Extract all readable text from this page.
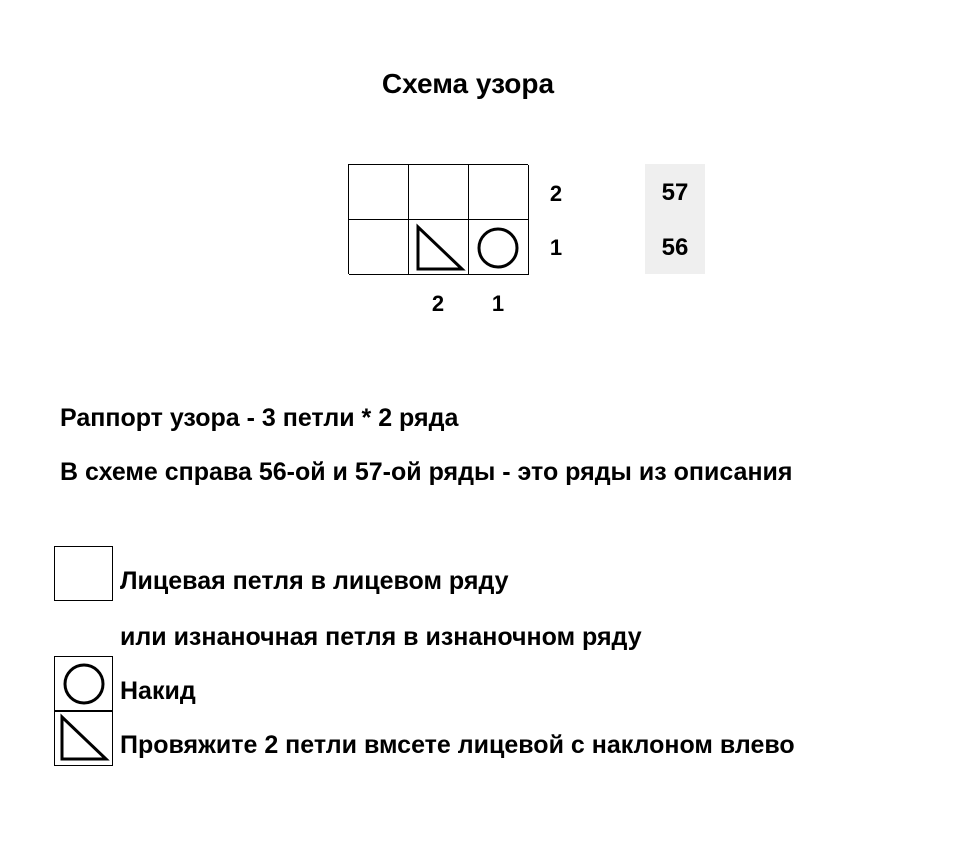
Схема узора
2
1
2	1
57
56
Раппорт узора - 3 петли * 2 ряда
В схеме справа 56-ой и 57-ой ряды - это ряды из описания
Лицевая петля в лицевом ряду
или изнаночная петля в изнаночном ряду
Накид
Провяжите 2 петли вмсете лицевой с наклоном влево
